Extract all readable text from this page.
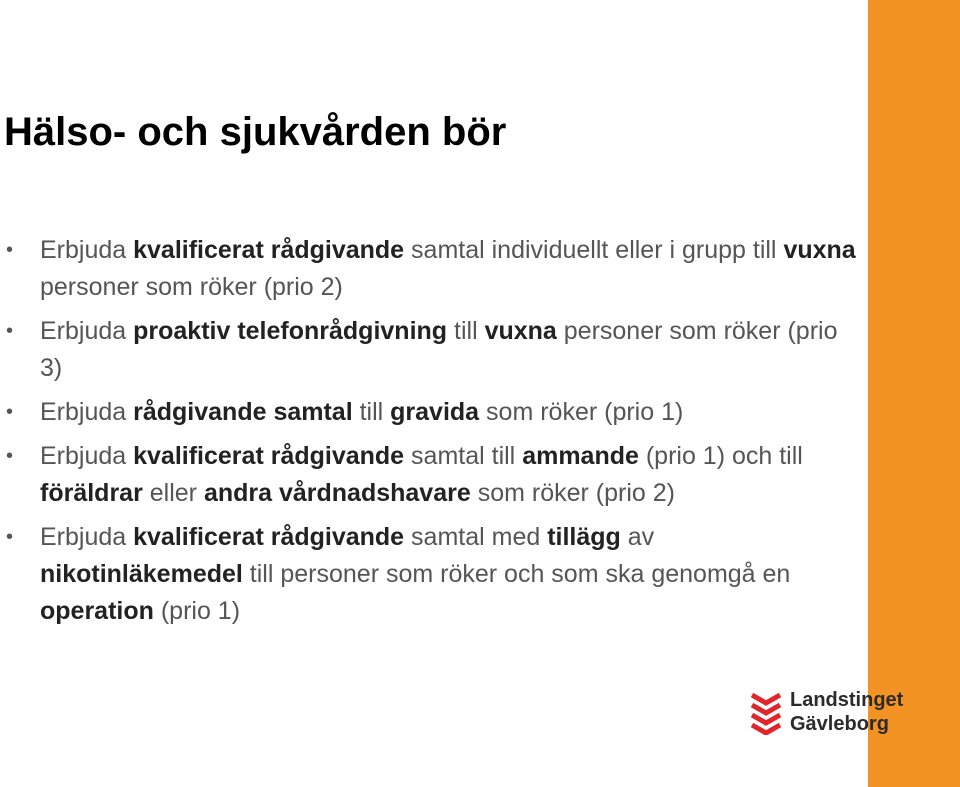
Hälso- och sjukvården bör
•
Erbjuda kvalificerat rådgivande samtal individuellt eller i grupp till vuxna personer som röker (prio 2)
•
Erbjuda proaktiv telefonrådgivning till vuxna personer som röker (prio 3)
•
Erbjuda rådgivande samtal till gravida som röker (prio 1)
•
Erbjuda kvalificerat rådgivande samtal till ammande (prio 1) och till föräldrar eller andra vårdnadshavare som röker (prio 2)
•
Erbjuda kvalificerat rådgivande samtal med tillägg av nikotinläkemedel till personer som röker och som ska genomgå en operation (prio 1)
Landstinget
Gävleborg
